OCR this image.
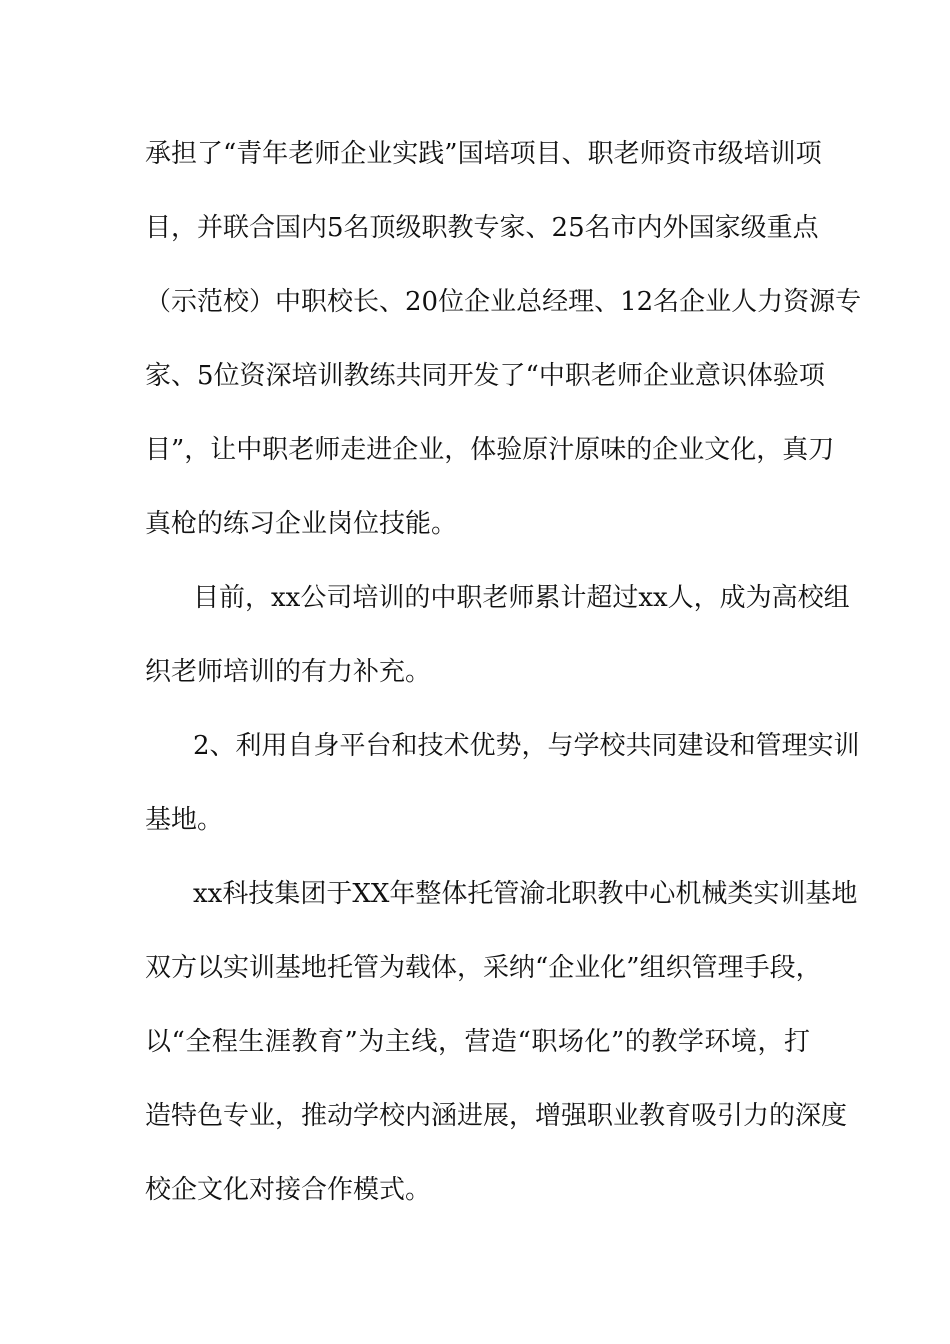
承担了“青年老师企业实践”国培项目、职老师资市级培训项
目，并联合国内5名顶级职教专家、25名市内外国家级重点
（示范校）中职校长、20位企业总经理、12名企业人力资源专
家、5位资深培训教练共同开发了“中职老师企业意识体验项
目”，让中职老师走进企业，体验原汁原味的企业文化，真刀
真枪的练习企业岗位技能。
目前，xx公司培训的中职老师累计超过xx人，成为高校组
织老师培训的有力补充。
2、利用自身平台和技术优势，与学校共同建设和管理实训
基地。
xx科技集团于XX年整体托管渝北职教中心机械类实训基地
双方以实训基地托管为载体，采纳“企业化”组织管理手段，
以“全程生涯教育”为主线，营造“职场化”的教学环境，打
造特色专业，推动学校内涵进展，增强职业教育吸引力的深度
校企文化对接合作模式。
